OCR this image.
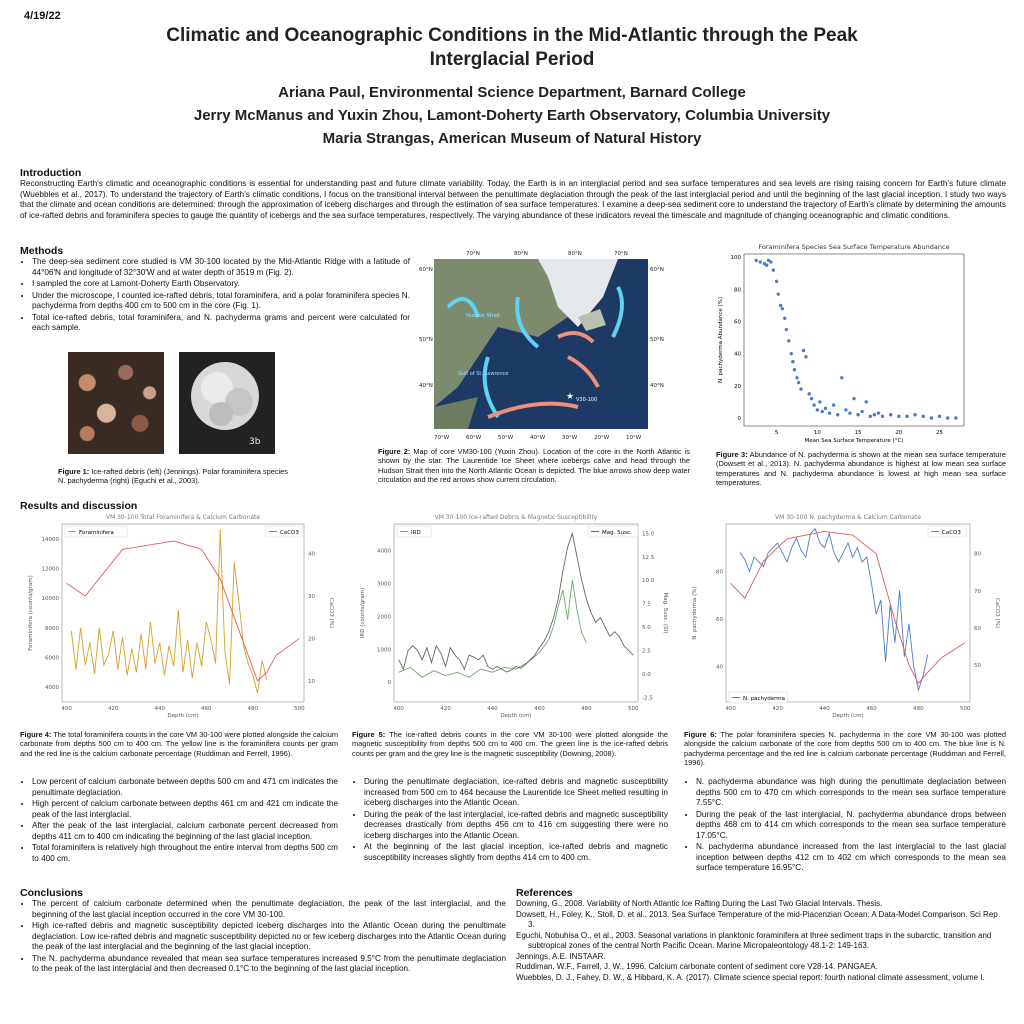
4/19/22
Climatic and Oceanographic Conditions in the Mid-Atlantic through the Peak
Interglacial Period
Ariana Paul, Environmental Science Department, Barnard College
Jerry McManus and Yuxin Zhou, Lamont-Doherty Earth Observatory, Columbia University
Maria Strangas, American Museum of Natural History
Introduction
Reconstructing Earth’s climatic and oceanographic conditions is essential for understanding past and future climate variability. Today, the Earth is in an interglacial period and sea surface temperatures and sea levels are rising raising concern for Earth’s future climate (Wuebbles et al., 2017). To understand the trajectory of Earth’s climatic conditions, I focus on the transitional interval between the penultimate deglaciation through the peak of the last interglacial period and until the beginning of the last glacial inception. I study two ways that the climate and ocean conditions are determined: through the approximation of iceberg discharges and through the estimation of sea surface temperatures. I examine a deep-sea sediment core to understand the trajectory of Earth’s climate by determining the amounts of ice-rafted debris and foraminifera species to gauge the quantity of icebergs and the sea surface temperatures, respectively. The varying abundance of these indicators reveal the timescale and magnitude of changing oceanographic and climatic conditions.
Methods
• The deep-sea sediment core studied is VM 30-100 located by the Mid-Atlantic Ridge with a latitude of 44°06'N and longitude of 32°30'W and at water depth of 3519 m (Fig. 2).
• I sampled the core at Lamont-Doherty Earth Observatory.
• Under the microscope, I counted ice-rafted debris, total foraminifera, and a polar foraminifera species N. pachyderma from depths 400 cm to 500 cm in the core (Fig. 1).
• Total ice-rafted debris, total foraminifera, and N. pachyderma grams and percent were calculated for each sample.
3b
Figure 1: Ice-rafted debris (left) (Jennings). Polar foraminifera species N. pachyderma (right) (Eguchi et al., 2003).
★
Hudson Strait
Gulf of St. Lawrence
V30-100
70°N	80°N	80°N	70°N
60°N
50°N
40°N
60°N
50°N
40°N
70°W	60°W	50°W	40°W	30°W	20°W	10°W
Figure 2: Map of core VM30-100 (Yuxin Zhou). Location of the core in the North Atlantic is shown by the star. The Laurentide Ice Sheet where icebergs calve and head through the Hudson Strait then into the North Atlantic Ocean is depicted. The blue arrows show deep water circulation and the red arrows show current circulation.
Foraminifera Species Sea Surface Temperature Abundance
5	10	15	20	25
0
20
40
60
80
100
Mean Sea Surface Temperature (°C)
N. pachyderma Abundance (%)
Figure 3: Abundance of N. pachyderma is shown at the mean sea surface temperature (Dowsett et al., 2013). N. pachyderma abundance is highest at low mean sea surface temperatures and N. pachyderma abundance is lowest at high mean sea surface temperatures.
Results and discussion
VM 30-100 Total Foraminifera & Calcium Carbonate
400	420	440	460	480	500
Depth (cm)
4000
6000
8000
10000
12000
14000
10
20
30
40
Foraminifera (counts/gram)	CaCO3 (%)
Foraminifera	CaCO3
VM 30-100 Ice-rafted Debris & Magnetic Susceptibility
400	420	440	460	480	500
Depth (cm)
0
1000
2000
3000
4000
-2.5
0.0
2.5
5.0
7.5
10.0
12.5
15.0
IRD (counts/gram)	Mag. Susc. (SI)
IRD	Mag. Susc.
VM 30-100 N. pachyderma & Calcium Carbonate
400	420	440	460	480	500
Depth (cm)
40
60
80
50
60
70
80
N. pachyderma (%)	CaCO3 (%)
N. pachyderma
CaCO3
Figure 4: The total foraminifera counts in the core VM 30-100 were plotted alongside the calcium carbonate from depths 500 cm to 400 cm. The yellow line is the foraminifera counts per gram and the red line is the calcium carbonate percentage (Ruddiman and Ferrell, 1996).
Figure 5: The ice-rafted debris counts in the core VM 30-100 were plotted alongside the magnetic susceptibility from depths 500 cm to 400 cm. The green line is the ice-rafted debris counts per gram and the grey line is the magnetic susceptibility (Downing, 2008).
Figure 6: The polar foraminifera species N. pachyderma in the core VM 30-100 was plotted alongside the calcium carbonate of the core from depths 500 cm to 400 cm. The blue line is N. pachyderma percentage and the red line is calcium carbonate percentage (Ruddiman and Ferrell, 1996).
• Low percent of calcium carbonate between depths 500 cm and 471 cm indicates the penultimate deglaciation.
• High percent of calcium carbonate between depths 461 cm and 421 cm indicate the peak of the last interglacial.
• After the peak of the last interglacial, calcium carbonate percent decreased from depths 411 cm to 400 cm indicating the beginning of the last glacial inception.
• Total foraminifera is relatively high throughout the entire interval from depths 500 cm to 400 cm.
• During the penultimate deglaciation, ice-rafted debris and magnetic susceptibility increased from 500 cm to 464 because the Laurentide Ice Sheet melted resulting in iceberg discharges into the Atlantic Ocean.
• During the peak of the last interglacial, ice-rafted debris and magnetic susceptibility decreases drastically from depths 456 cm to 416 cm suggesting there were no iceberg discharges into the Atlantic Ocean.
• At the beginning of the last glacial inception, ice-rafted debris and magnetic susceptibility increases slightly from depths 414 cm to 400 cm.
• N. pachyderma abundance was high during the penultimate deglaciation between depths 500 cm to 470 cm which corresponds to the mean sea surface temperature 7.55°C.
• During the peak of the last interglacial, N. pachyderma abundance drops between depths 468 cm to 414 cm which corresponds to the mean sea surface temperature 17.05°C.
• N. pachyderma abundance increased from the last interglacial to the last glacial inception between depths 412 cm to 402 cm which corresponds to the mean sea surface temperature 16.95°C.
Conclusions
• The percent of calcium carbonate determined when the penultimate deglaciation, the peak of the last interglacial, and the beginning of the last glacial inception occurred in the core VM 30-100.
• High ice-rafted debris and magnetic susceptibility depicted iceberg discharges into the Atlantic Ocean during the penultimate deglaciation. Low ice-rafted debris and magnetic susceptibility depicted no or few iceberg discharges into the Atlantic Ocean during the peak of the last interglacial and the beginning of the last glacial inception.
• The N. pachyderma abundance revealed that mean sea surface temperatures increased 9.5°C from the penultimate deglaciation to the peak of the last interglacial and then decreased 0.1°C to the beginning of the last glacial inception.
References
Downing, G., 2008. Variability of North Atlantic Ice Rafting During the Last Two Glacial Intervals. Thesis.
Dowsett, H., Foley, K., Stoll, D. et al., 2013. Sea Surface Temperature of the mid-Piacenzian Ocean: A Data-Model Comparison. Sci Rep 3.
Eguchi, Nobuhisa O., et al., 2003. Seasonal variations in planktonic foraminifera at three sediment traps in the subarctic, transition and subtropical zones of the central North Pacific Ocean. Marine Micropaleontology 48.1-2: 149-163.
Jennings, A.E. INSTAAR.
Ruddiman, W.F., Farrell, J. W., 1996. Calcium carbonate content of sediment core V28-14. PANGAEA.
Wuebbles, D. J., Fahey, D. W., & Hibbard, K. A. (2017). Climate science special report: fourth national climate assessment, volume I.
